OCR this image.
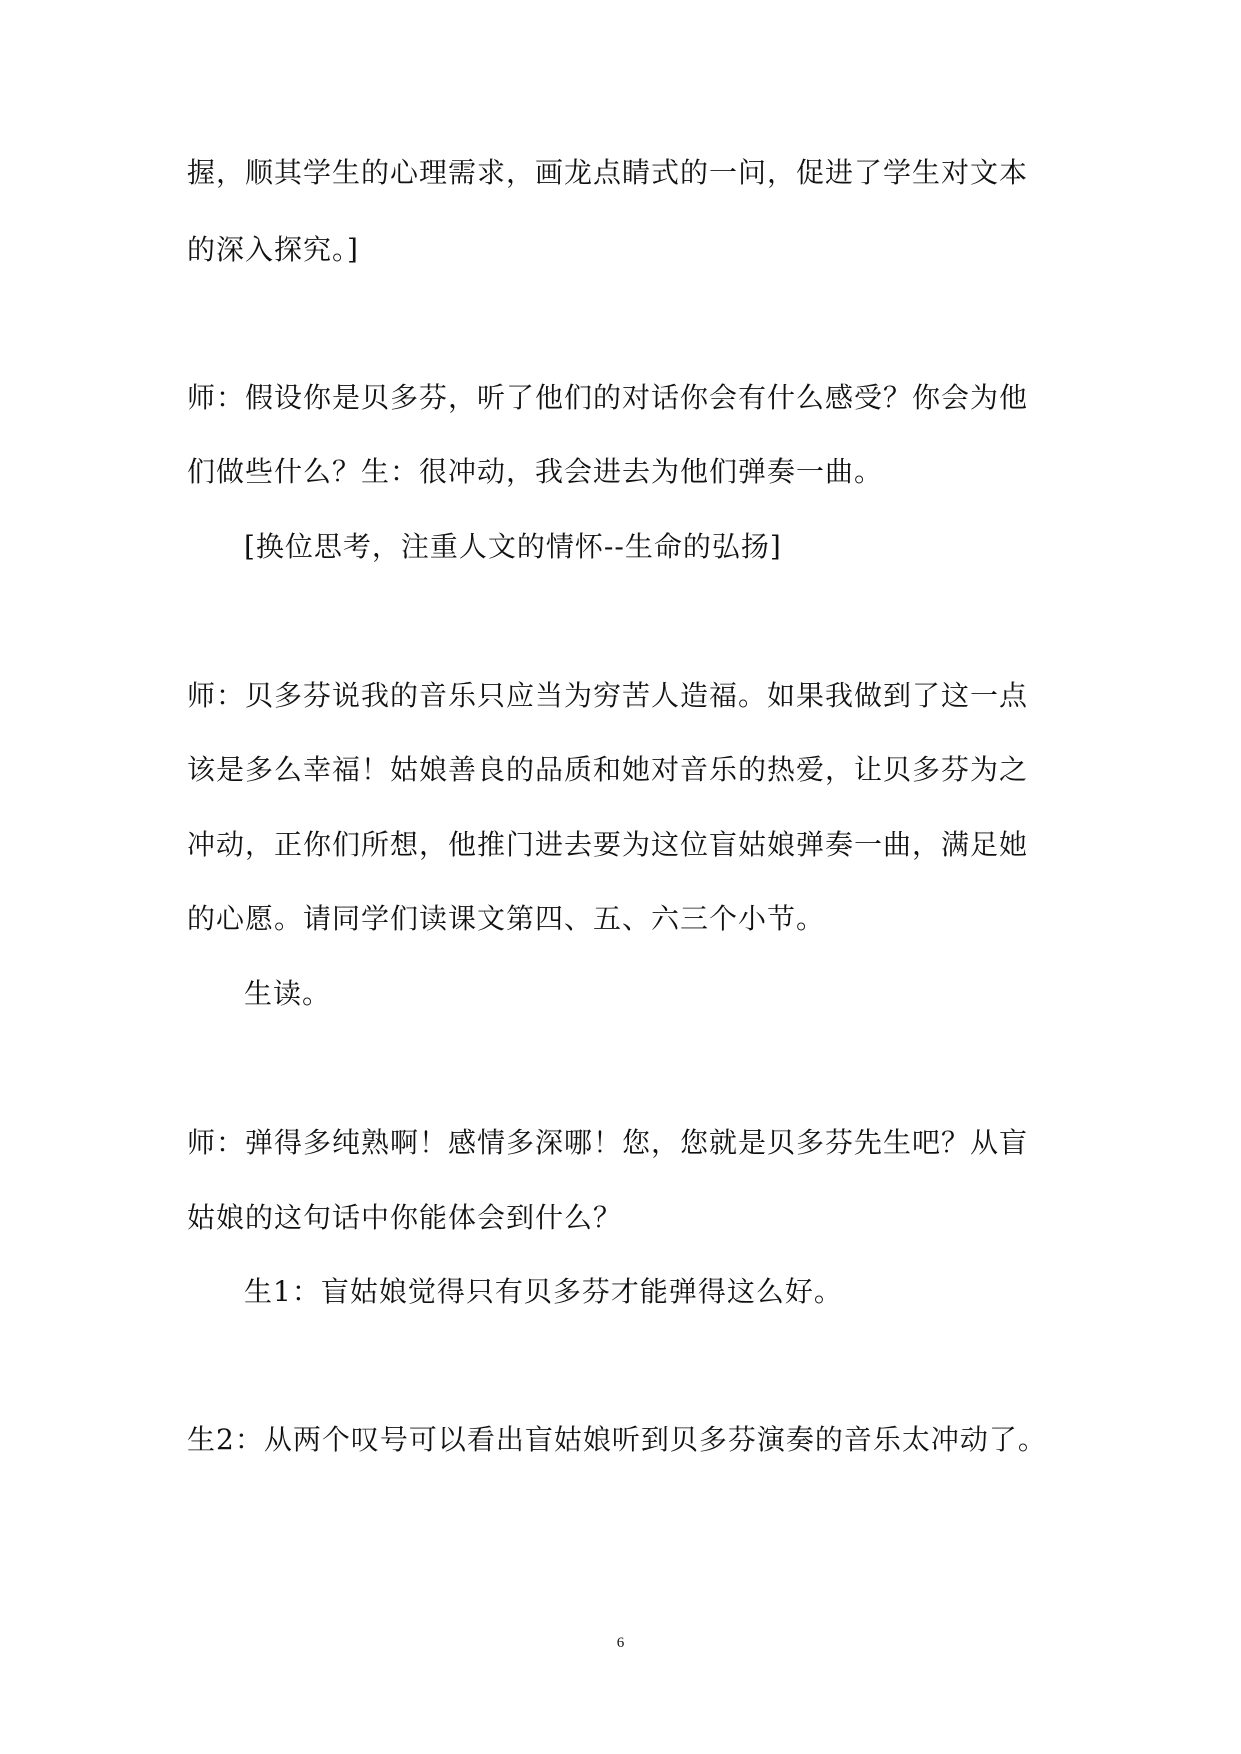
握，顺其学生的心理需求，画龙点睛式的一问，促进了学生对文本
的深入探究。]
师：假设你是贝多芬，听了他们的对话你会有什么感受？你会为他
们做些什么？生：很冲动，我会进去为他们弹奏一曲。
[换位思考，注重人文的情怀--生命的弘扬]
师：贝多芬说我的音乐只应当为穷苦人造福。如果我做到了这一点
该是多么幸福！姑娘善良的品质和她对音乐的热爱，让贝多芬为之
冲动，正你们所想，他推门进去要为这位盲姑娘弹奏一曲，满足她
的心愿。请同学们读课文第四、五、六三个小节。
生读。
师：弹得多纯熟啊！感情多深哪！您，您就是贝多芬先生吧？从盲
姑娘的这句话中你能体会到什么？
生1：盲姑娘觉得只有贝多芬才能弹得这么好。
生2：从两个叹号可以看出盲姑娘听到贝多芬演奏的音乐太冲动了。
6
